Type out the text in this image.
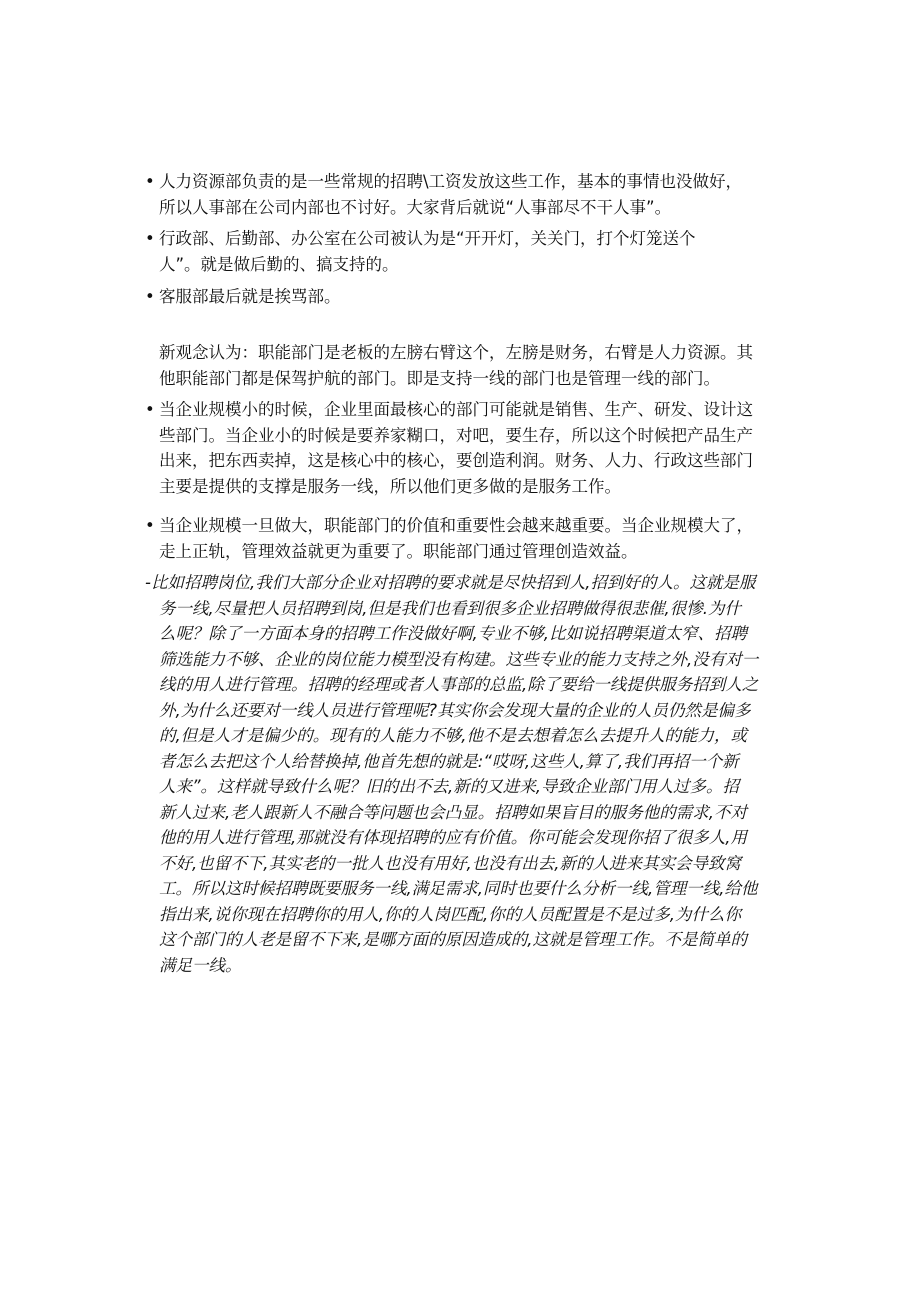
• 人力资源部负责的是一些常规的招聘\工资发放这些工作，基本的事情也没做好，
所以人事部在公司内部也不讨好。大家背后就说“人事部尽不干人事”。
• 行政部、后勤部、办公室在公司被认为是“开开灯，关关门，打个灯笼送个
人”。就是做后勤的、搞支持的。
• 客服部最后就是挨骂部。
新观念认为：职能部门是老板的左膀右臂这个，左膀是财务，右臂是人力资源。其
他职能部门都是保驾护航的部门。即是支持一线的部门也是管理一线的部门。
• 当企业规模小的时候，企业里面最核心的部门可能就是销售、生产、研发、设计这
些部门。当企业小的时候是要养家糊口，对吧，要生存，所以这个时候把产品生产
出来，把东西卖掉，这是核心中的核心，要创造利润。财务、人力、行政这些部门
主要是提供的支撑是服务一线，所以他们更多做的是服务工作。
• 当企业规模一旦做大，职能部门的价值和重要性会越来越重要。当企业规模大了，
走上正轨，管理效益就更为重要了。职能部门通过管理创造效益。
-比如招聘岗位,我们大部分企业对招聘的要求就是尽快招到人,招到好的人。这就是服
务一线,尽量把人员招聘到岗,但是我们也看到很多企业招聘做得很悲催,很惨.为什
么呢？除了一方面本身的招聘工作没做好啊,专业不够,比如说招聘渠道太窄、招聘
筛选能力不够、企业的岗位能力模型没有构建。这些专业的能力支持之外,没有对一
线的用人进行管理。招聘的经理或者人事部的总监,除了要给一线提供服务招到人之
外,为什么还要对一线人员进行管理呢?其实你会发现大量的企业的人员仍然是偏多
的,但是人才是偏少的。现有的人能力不够,他不是去想着怎么去提升人的能力，或
者怎么去把这个人给替换掉,他首先想的就是:“哎呀,这些人,算了,我们再招一个新
人来”。这样就导致什么呢？旧的出不去,新的又进来,导致企业部门用人过多。招
新人过来,老人跟新人不融合等问题也会凸显。招聘如果盲目的服务他的需求,不对
他的用人进行管理,那就没有体现招聘的应有价值。你可能会发现你招了很多人,用
不好,也留不下,其实老的一批人也没有用好,也没有出去,新的人进来其实会导致窝
工。所以这时候招聘既要服务一线,满足需求,同时也要什么分析一线,管理一线,给他
指出来,说你现在招聘你的用人,你的人岗匹配,你的人员配置是不是过多,为什么你
这个部门的人老是留不下来,是哪方面的原因造成的,这就是管理工作。不是简单的
满足一线。
